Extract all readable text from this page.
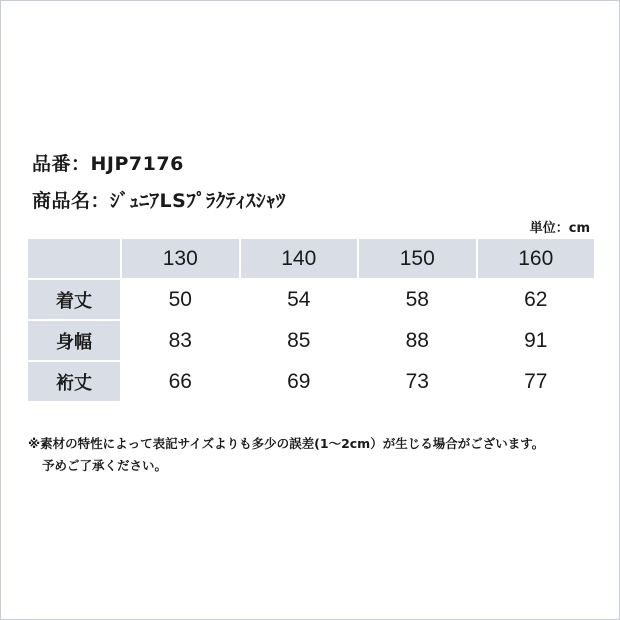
品番：HJP7176
商品名：ｼﾞｭﾆｱLSﾌﾟﾗｸﾃｨｽｼｬﾂ
単位：cm
	130	140	150	160
着丈	50	54	58	62
身幅	83	85	88	91
裄丈	66	69	73	77
※素材の特性によって表記サイズよりも多少の誤差(1～2cm）が生じる場合がございます。
予めご了承ください。
